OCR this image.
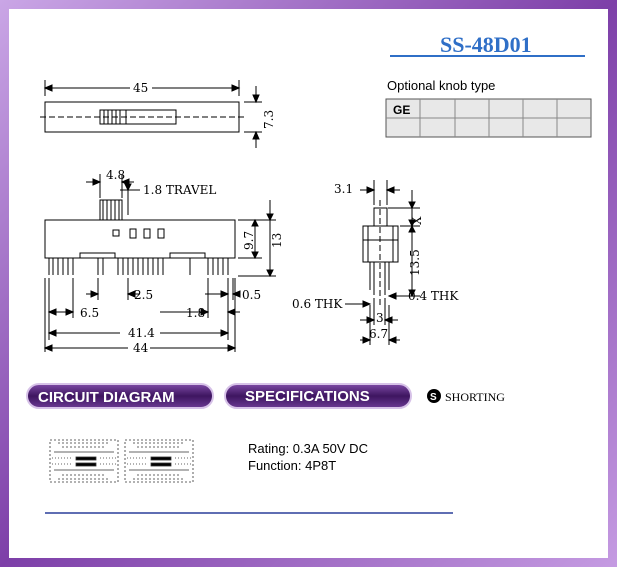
SS-48D01
Optional knob type
GE
45
7.3
4.8
1.8 TRAVEL
9.7 13
2.5	0.5
6.5	1.8
41.4
44
3.1
X
13.5
0.6 THK
0.4 THK
3
6.7
CIRCUIT DIAGRAM	SPECIFICATIONS	S SHORTING
Rating: 0.3A 50V DC
Function: 4P8T
